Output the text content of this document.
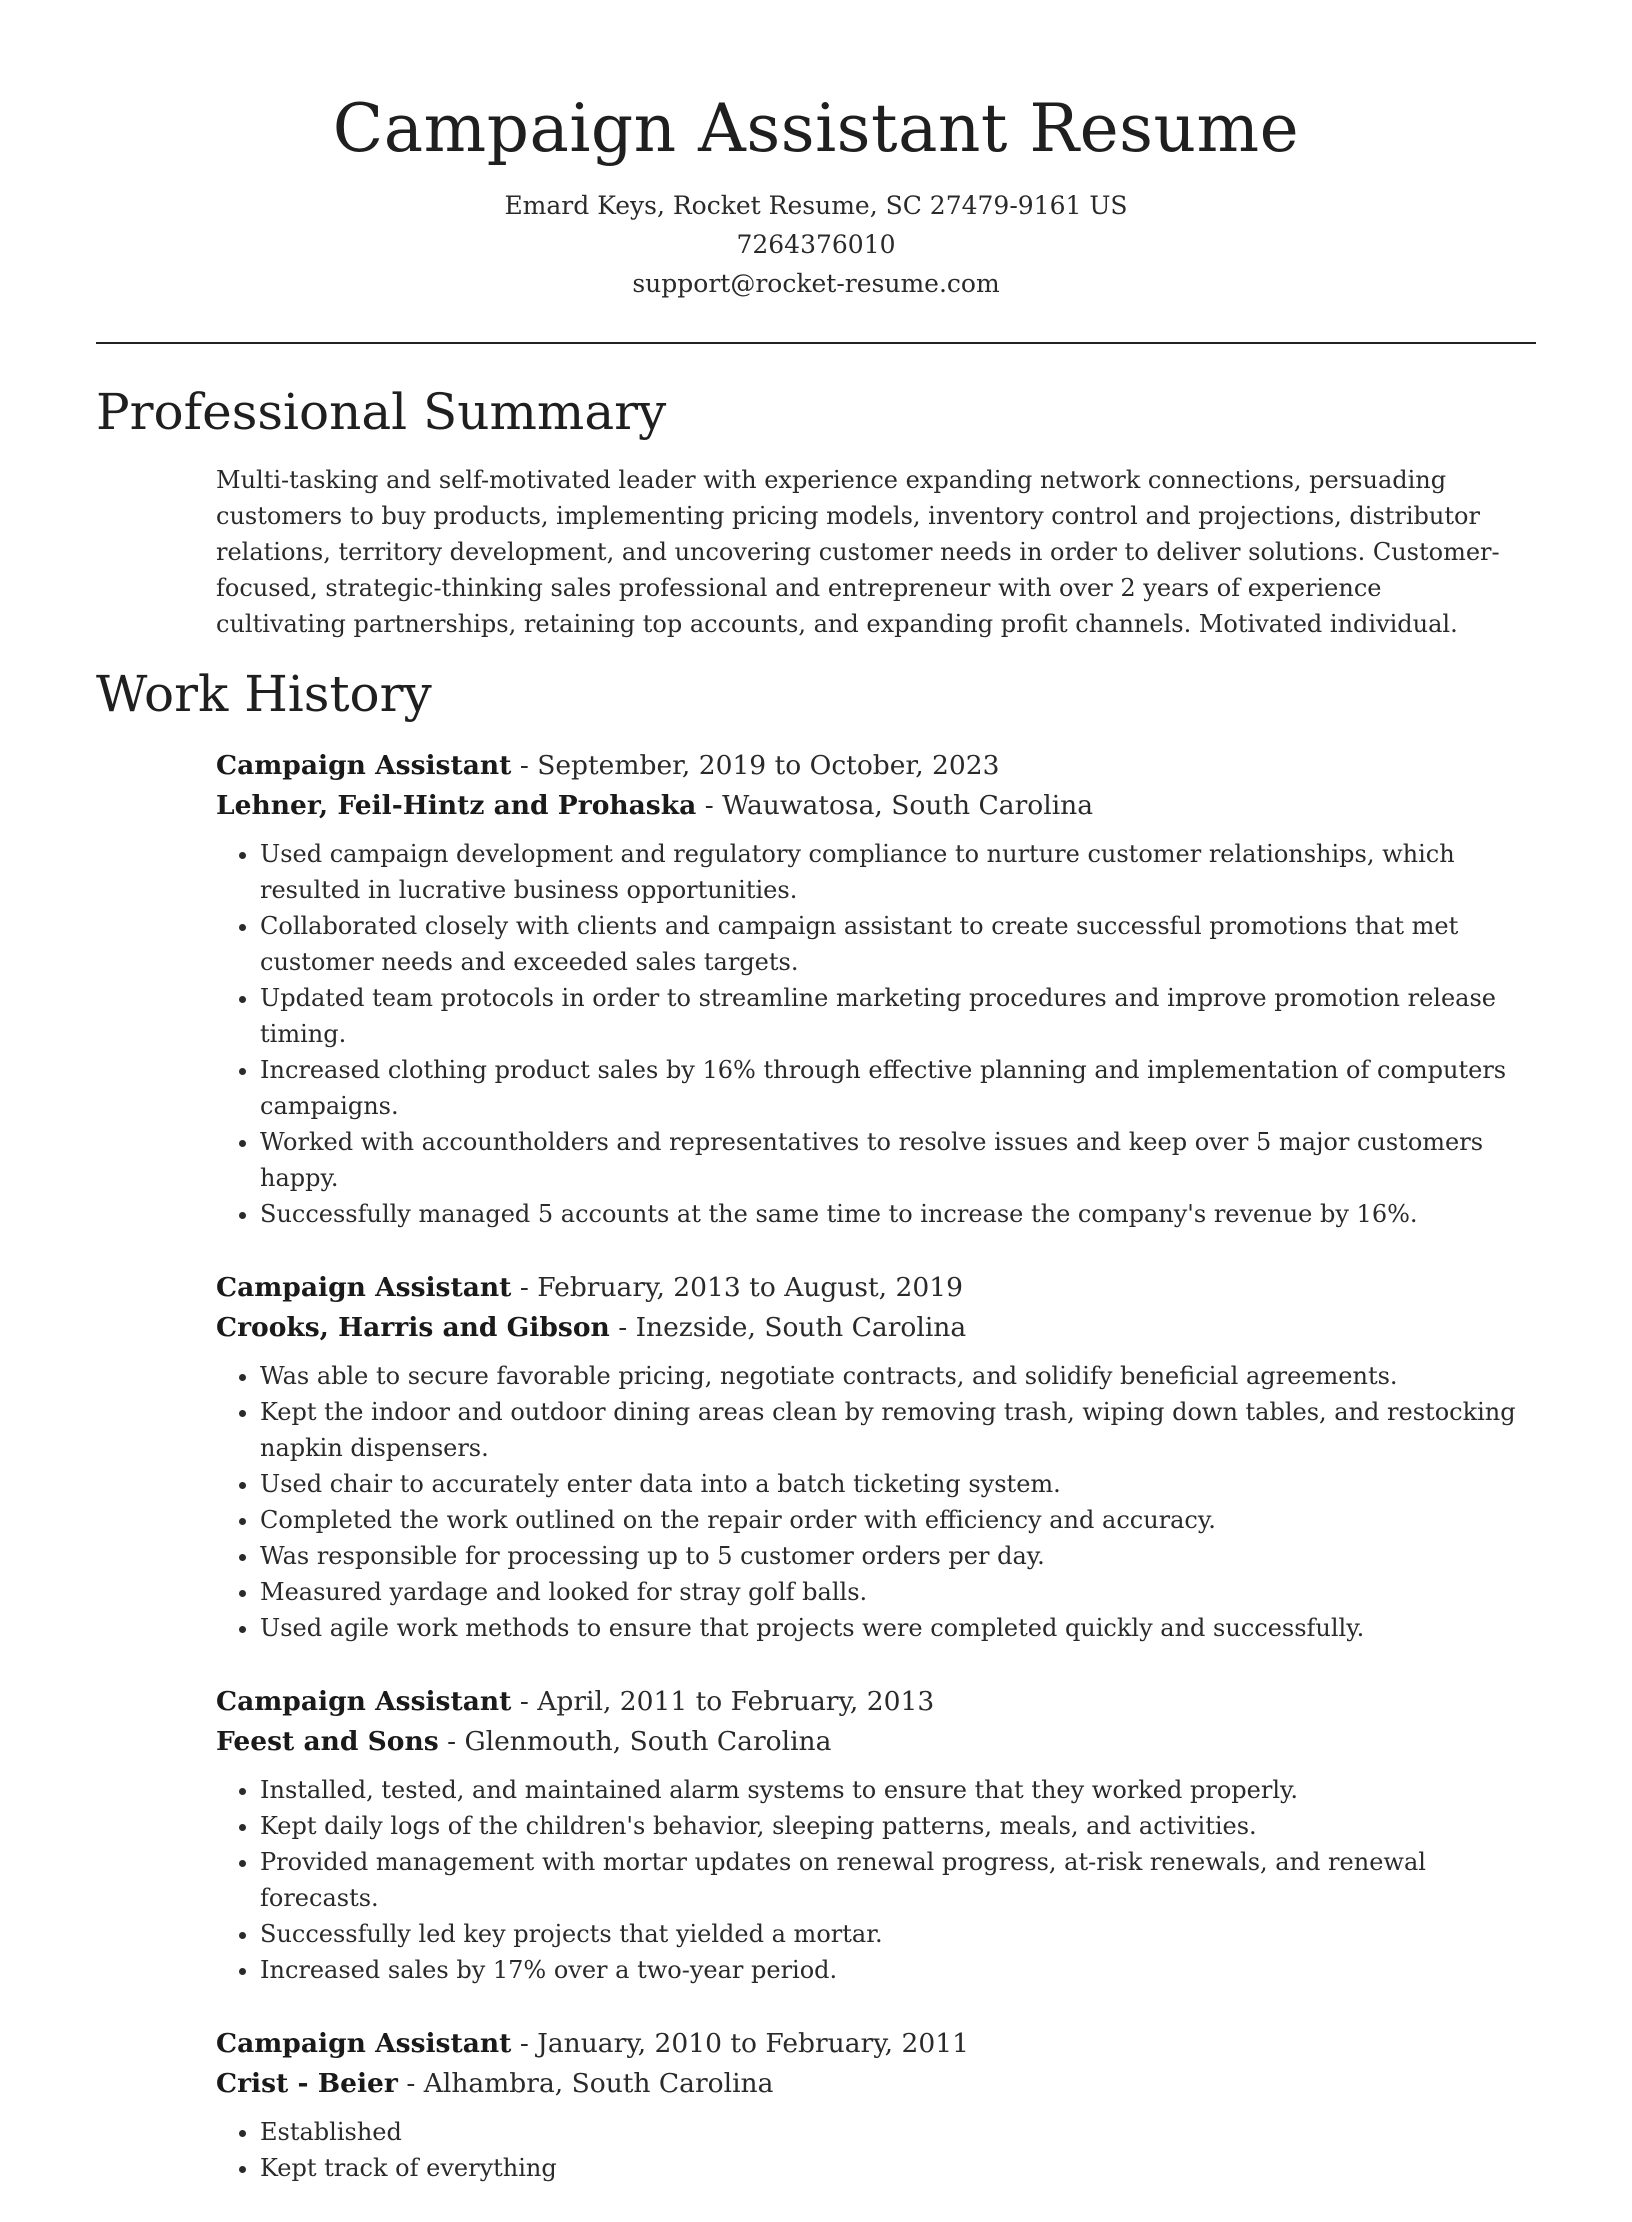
Campaign Assistant Resume
Emard Keys, Rocket Resume, SC 27479-9161 US
7264376010
support@rocket-resume.com
Professional Summary

Multi-tasking and self-motivated leader with experience expanding network connections, persuading customers to buy products, implementing pricing models, inventory control and projections, distributor relations, territory development, and uncovering customer needs in order to deliver solutions. Customer-focused, strategic-thinking sales professional and entrepreneur with over 2 years of experience cultivating partnerships, retaining top accounts, and expanding profit channels. Motivated individual.

Work History

Campaign Assistant - September, 2019 to October, 2023

Lehner, Feil-Hintz and Prohaska - Wauwatosa, South Carolina

• Used campaign development and regulatory compliance to nurture customer relationships, which resulted in lucrative business opportunities.
• Collaborated closely with clients and campaign assistant to create successful promotions that met customer needs and exceeded sales targets.
• Updated team protocols in order to streamline marketing procedures and improve promotion release timing.
• Increased clothing product sales by 16% through effective planning and implementation of computers campaigns.
• Worked with accountholders and representatives to resolve issues and keep over 5 major customers happy.
• Successfully managed 5 accounts at the same time to increase the company's revenue by 16%.

Campaign Assistant - February, 2013 to August, 2019

Crooks, Harris and Gibson - Inezside, South Carolina

• Was able to secure favorable pricing, negotiate contracts, and solidify beneficial agreements.
• Kept the indoor and outdoor dining areas clean by removing trash, wiping down tables, and restocking napkin dispensers.
• Used chair to accurately enter data into a batch ticketing system.
• Completed the work outlined on the repair order with efficiency and accuracy.
• Was responsible for processing up to 5 customer orders per day.
• Measured yardage and looked for stray golf balls.
• Used agile work methods to ensure that projects were completed quickly and successfully.

Campaign Assistant - April, 2011 to February, 2013

Feest and Sons - Glenmouth, South Carolina

• Installed, tested, and maintained alarm systems to ensure that they worked properly.
• Kept daily logs of the children's behavior, sleeping patterns, meals, and activities.
• Provided management with mortar updates on renewal progress, at-risk renewals, and renewal forecasts.
• Successfully led key projects that yielded a mortar.
• Increased sales by 17% over a two-year period.

Campaign Assistant - January, 2010 to February, 2011

Crist - Beier - Alhambra, South Carolina

• Established
• Kept track of everything
